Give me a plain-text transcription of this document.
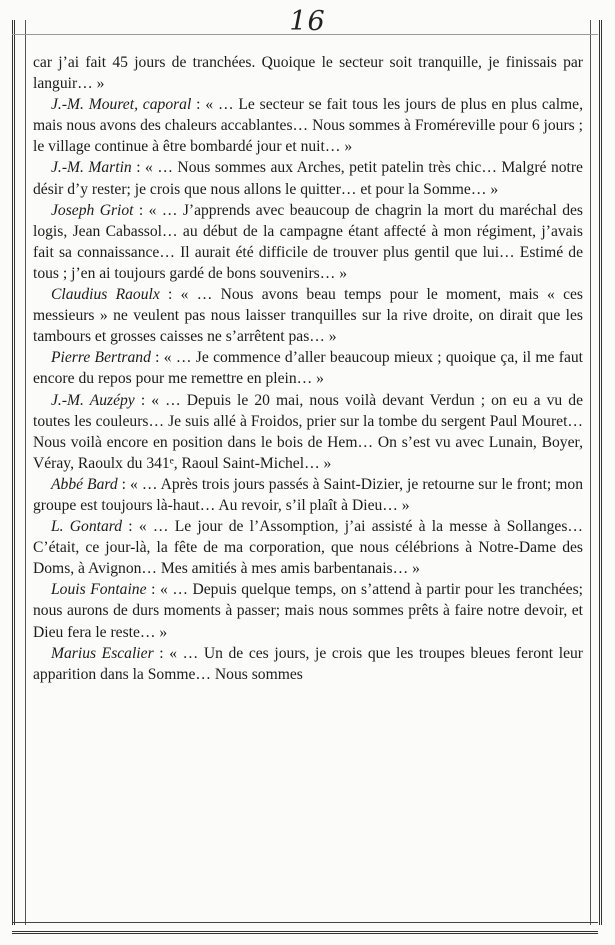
16

car j’ai fait 45 jours de tranchées. Quoique le secteur soit tranquille, je finissais par languir… »

J.-M. Mouret, caporal : « … Le secteur se fait tous les jours de plus en plus calme, mais nous avons des chaleurs accablantes… Nous sommes à Froméreville pour 6 jours ; le village continue à être bombardé jour et nuit… »

J.-M. Martin : « … Nous sommes aux Arches, petit patelin très chic… Malgré notre désir d’y rester; je crois que nous allons le quitter… et pour la Somme… »

Joseph Griot : « … J’apprends avec beaucoup de chagrin la mort du maréchal des logis, Jean Cabassol… au début de la campagne étant affecté à mon régiment, j’avais fait sa connaissance… Il aurait été difficile de trouver plus gentil que lui… Estimé de tous ; j’en ai toujours gardé de bons souvenirs… »

Claudius Raoulx : « … Nous avons beau temps pour le moment, mais « ces messieurs » ne veulent pas nous laisser tranquilles sur la rive droite, on dirait que les tambours et grosses caisses ne s’arrêtent pas… »

Pierre Bertrand : « … Je commence d’aller beaucoup mieux ; quoique ça, il me faut encore du repos pour me remettre en plein… »

J.-M. Auzépy : « … Depuis le 20 mai, nous voilà devant Verdun ; on eu a vu de toutes les couleurs… Je suis allé à Froidos, prier sur la tombe du sergent Paul Mouret… Nous voilà encore en position dans le bois de Hem… On s’est vu avec Lunain, Boyer, Véray, Raoulx du 341ᵉ, Raoul Saint-Michel… »

Abbé Bard : « … Après trois jours passés à Saint-Dizier, je retourne sur le front; mon groupe est toujours là-haut… Au revoir, s’il plaît à Dieu… »

L. Gontard : « … Le jour de l’Assomption, j’ai assisté à la messe à Sollanges… C’était, ce jour-là, la fête de ma corporation, que nous célébrions à Notre-Dame des Doms, à Avignon… Mes amitiés à mes amis barbentanais… »

Louis Fontaine : « … Depuis quelque temps, on s’attend à partir pour les tranchées; nous aurons de durs moments à passer; mais nous sommes prêts à faire notre devoir, et Dieu fera le reste… »

Marius Escalier : « … Un de ces jours, je crois que les troupes bleues feront leur apparition dans la Somme… Nous sommes
